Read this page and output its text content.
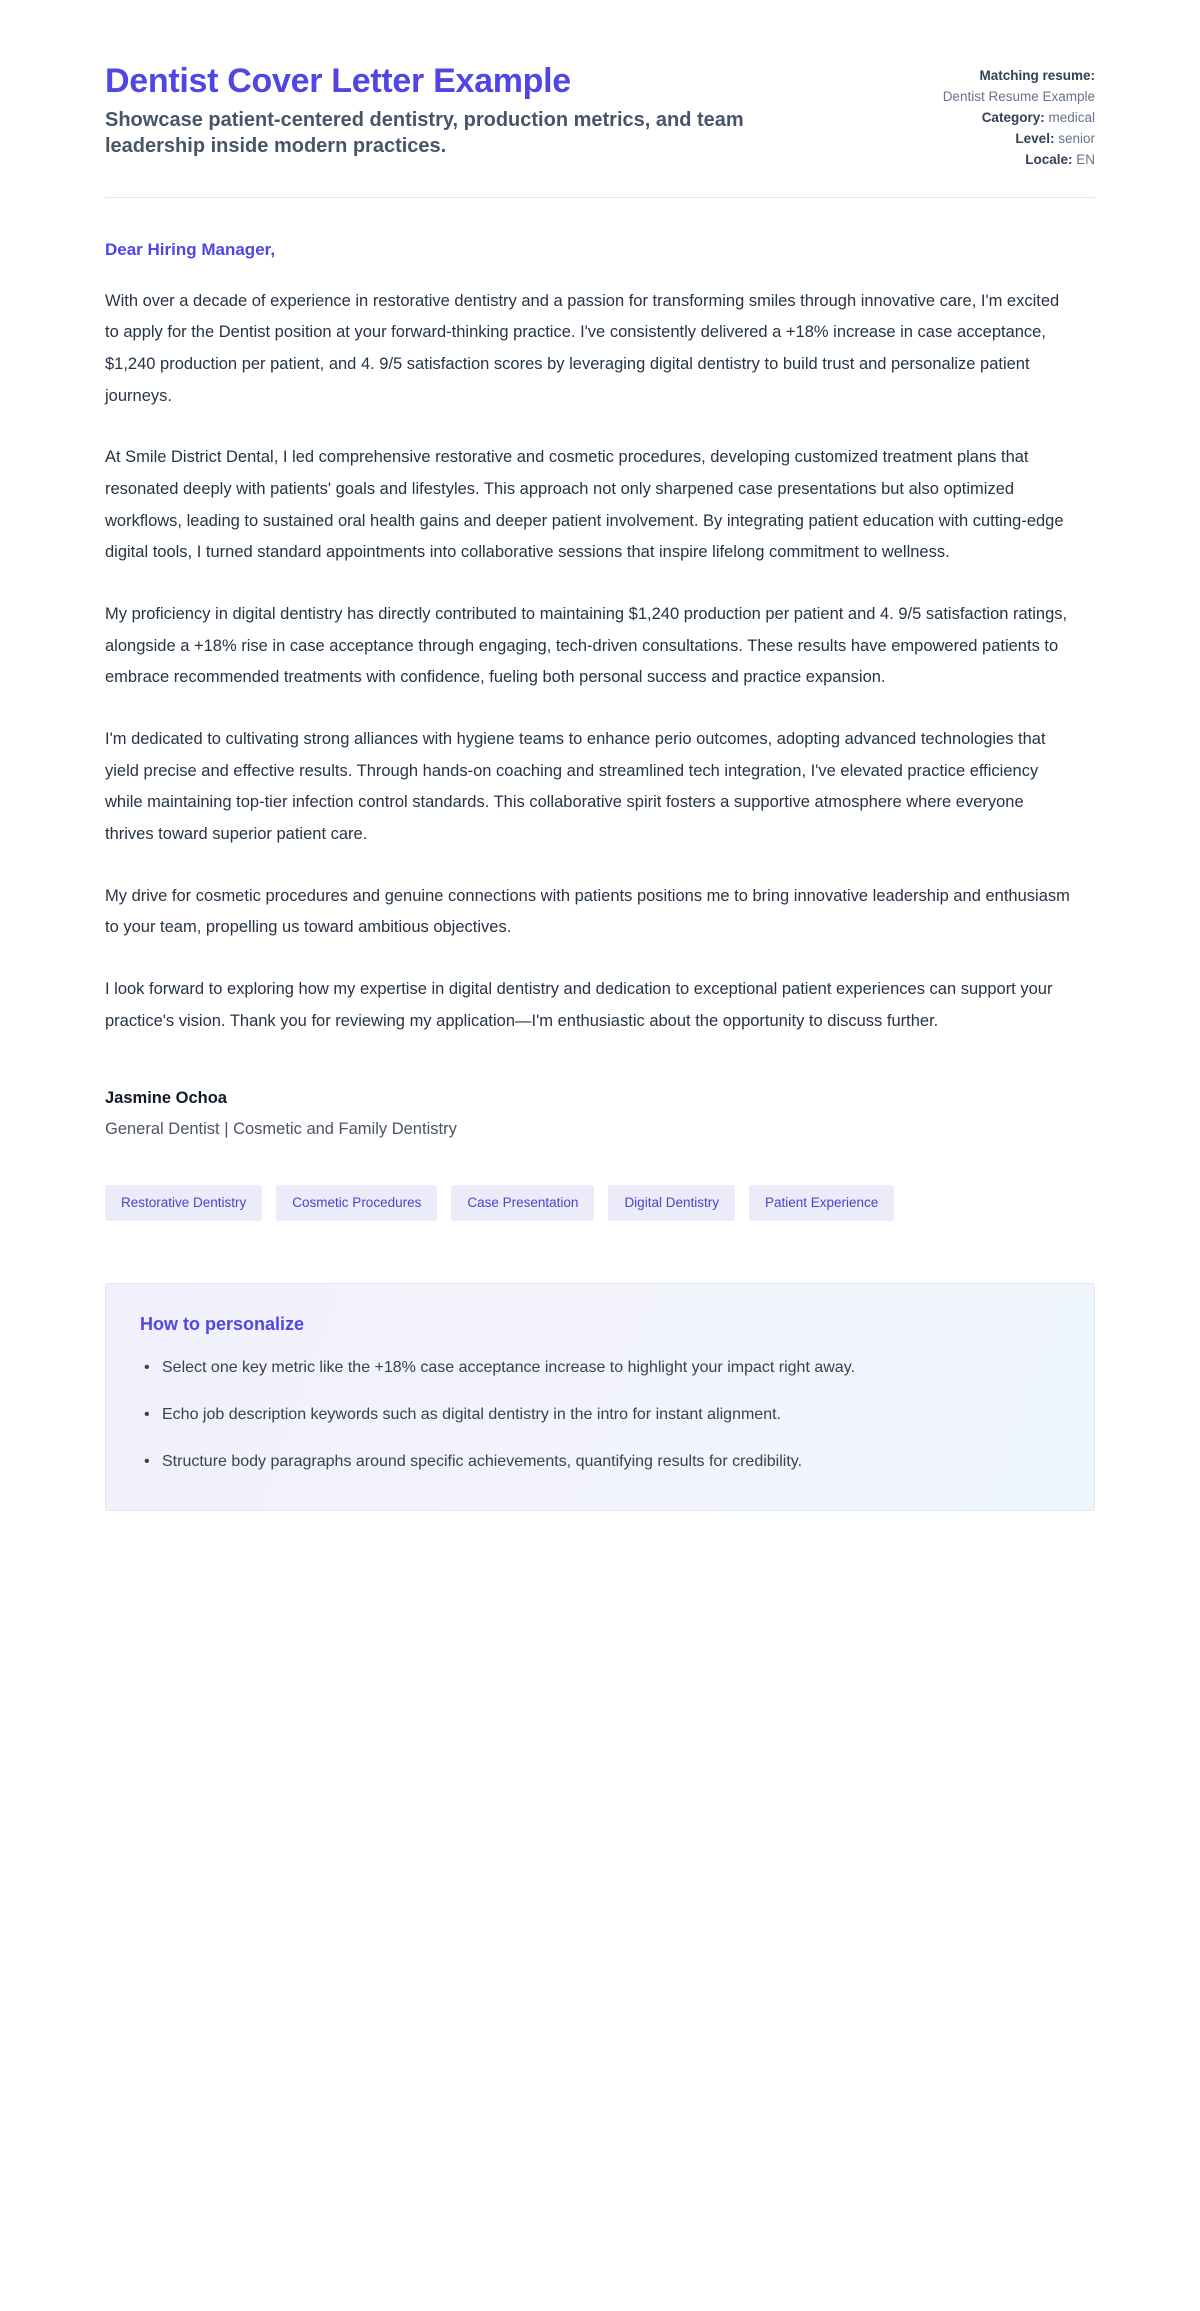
Dentist Cover Letter Example

Showcase patient-centered dentistry, production metrics, and team leadership inside modern practices.

Matching resume:
Dentist Resume Example
Category: medical
Level: senior
Locale: EN

Dear Hiring Manager,

With over a decade of experience in restorative dentistry and a passion for transforming smiles through innovative care, I'm excited to apply for the Dentist position at your forward-thinking practice. I've consistently delivered a +18% increase in case acceptance, $1,240 production per patient, and 4. 9/5 satisfaction scores by leveraging digital dentistry to build trust and personalize patient journeys.

At Smile District Dental, I led comprehensive restorative and cosmetic procedures, developing customized treatment plans that resonated deeply with patients' goals and lifestyles. This approach not only sharpened case presentations but also optimized workflows, leading to sustained oral health gains and deeper patient involvement. By integrating patient education with cutting-edge digital tools, I turned standard appointments into collaborative sessions that inspire lifelong commitment to wellness.

My proficiency in digital dentistry has directly contributed to maintaining $1,240 production per patient and 4. 9/5 satisfaction ratings, alongside a +18% rise in case acceptance through engaging, tech-driven consultations. These results have empowered patients to embrace recommended treatments with confidence, fueling both personal success and practice expansion.

I'm dedicated to cultivating strong alliances with hygiene teams to enhance perio outcomes, adopting advanced technologies that yield precise and effective results. Through hands-on coaching and streamlined tech integration, I've elevated practice efficiency while maintaining top-tier infection control standards. This collaborative spirit fosters a supportive atmosphere where everyone thrives toward superior patient care.

My drive for cosmetic procedures and genuine connections with patients positions me to bring innovative leadership and enthusiasm to your team, propelling us toward ambitious objectives.

I look forward to exploring how my expertise in digital dentistry and dedication to exceptional patient experiences can support your practice's vision. Thank you for reviewing my application—I'm enthusiastic about the opportunity to discuss further.

Jasmine Ochoa

General Dentist | Cosmetic and Family Dentistry

Restorative Dentistry	Cosmetic Procedures	Case Presentation	Digital Dentistry	Patient Experience

How to personalize

• Select one key metric like the +18% case acceptance increase to highlight your impact right away.
• Echo job description keywords such as digital dentistry in the intro for instant alignment.
• Structure body paragraphs around specific achievements, quantifying results for credibility.
